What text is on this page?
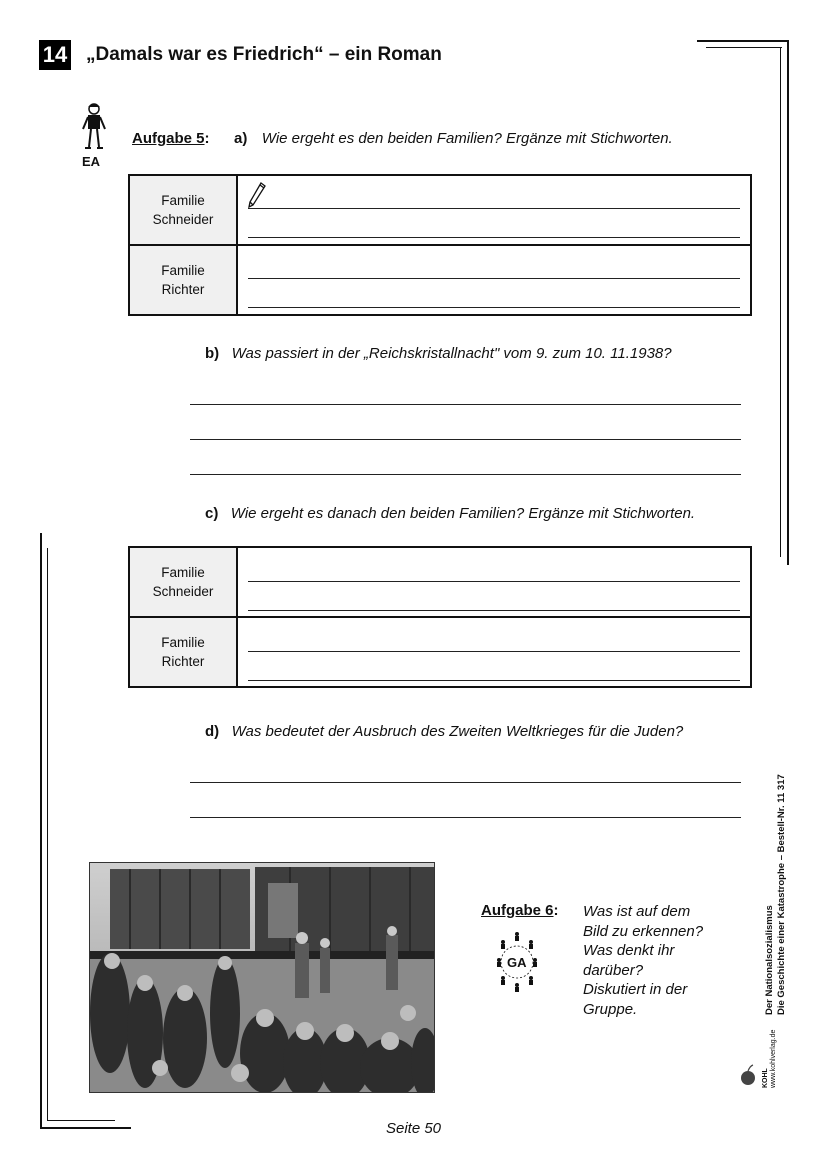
14 „Damals war es Friedrich“ – ein Roman
EA
Aufgabe 5: a) Wie ergeht es den beiden Familien? Ergänze mit Stichworten.
Familie
Schneider	

Familie
Richter	
b) Was passiert in der „Reichskristallnacht" vom 9. zum 10. 11.1938?
c) Wie ergeht es danach den beiden Familien? Ergänze mit Stichworten.
Familie
Schneider	

Familie
Richter	
d) Was bedeutet der Ausbruch des Zweiten Weltkrieges für die Juden?
Aufgabe 6:
GA
Was ist auf dem
Bild zu erkennen?
Was denkt ihr
darüber?
Diskutiert in der
Gruppe.	Der Nationalsozialismus Die Geschichte einer Katastrophe – Bestell-Nr. 11 317
KOHL www.kohlverlag.de
Seite 50
